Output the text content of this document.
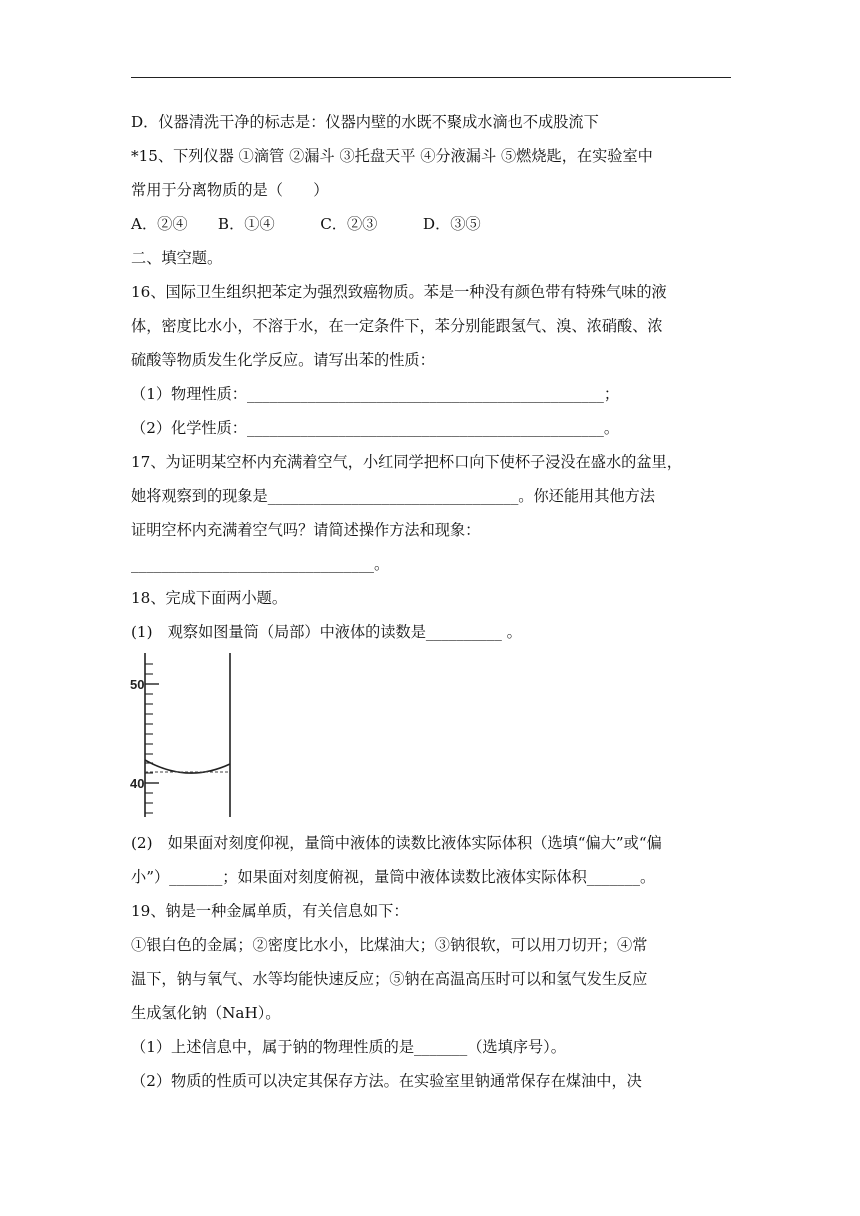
D．仪器清洗干净的标志是：仪器内壁的水既不聚成水滴也不成股流下
*15、下列仪器 ①滴管 ②漏斗 ③托盘天平 ④分液漏斗 ⑤燃烧匙，在实验室中
常用于分离物质的是（　　）
A．②④　　B．①④　　　C．②③　　　D．③⑤
二、填空题。
16、国际卫生组织把苯定为强烈致癌物质。苯是一种没有颜色带有特殊气味的液
体，密度比水小，不溶于水，在一定条件下，苯分别能跟氢气、溴、浓硝酸、浓
硫酸等物质发生化学反应。请写出苯的性质：
（1）物理性质：_______________________________________________；
（2）化学性质：_______________________________________________。
17、为证明某空杯内充满着空气，小红同学把杯口向下使杯子浸没在盛水的盆里，
她将观察到的现象是_________________________________。你还能用其他方法
证明空杯内充满着空气吗？请简述操作方法和现象：
________________________________。
18、完成下面两小题。
(1)　观察如图量筒（局部）中液体的读数是__________ 。
50
40
(2)　如果面对刻度仰视，量筒中液体的读数比液体实际体积（选填“偏大”或“偏
小”）_______；如果面对刻度俯视，量筒中液体读数比液体实际体积_______。
19、钠是一种金属单质，有关信息如下：
①银白色的金属；②密度比水小，比煤油大；③钠很软，可以用刀切开；④常
温下，钠与氧气、水等均能快速反应；⑤钠在高温高压时可以和氢气发生反应
生成氢化钠（NaH）。
（1）上述信息中，属于钠的物理性质的是_______（选填序号）。
（2）物质的性质可以决定其保存方法。在实验室里钠通常保存在煤油中，决
